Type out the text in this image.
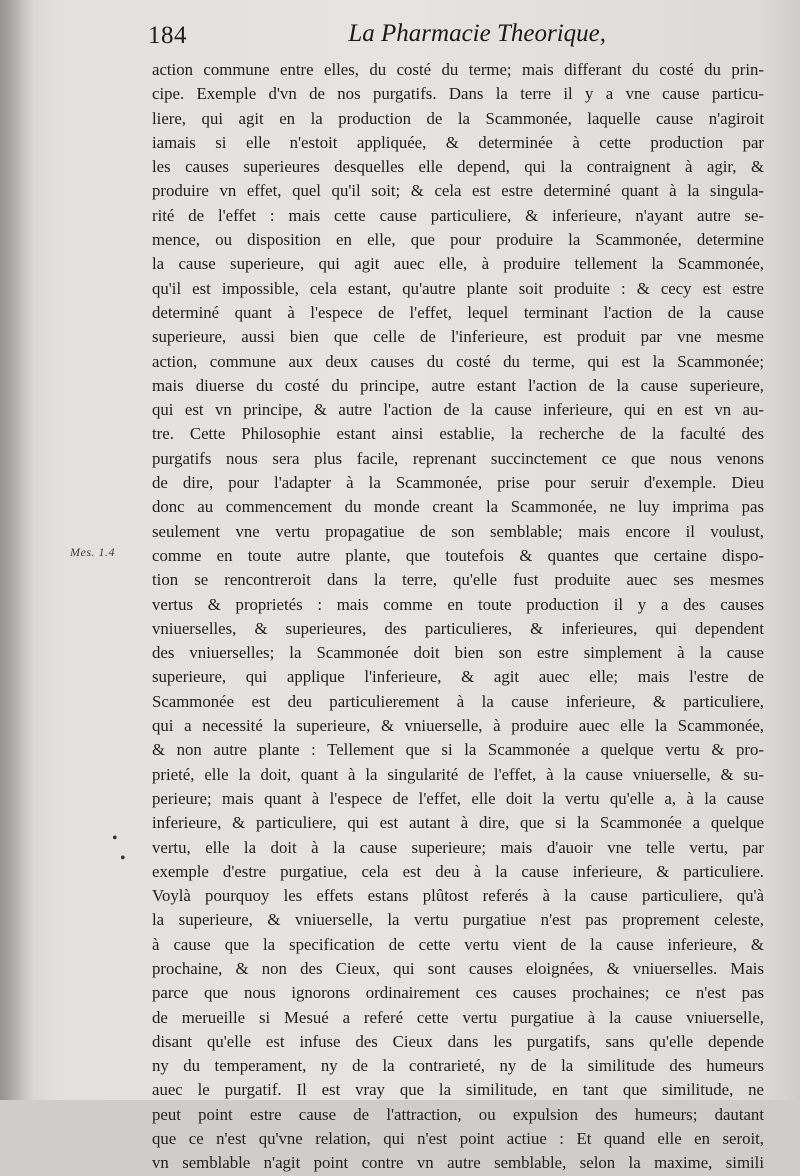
184	La Pharmacie Theorique,
Mes. 1.4
•
•
action commune entre elles, du costé du terme; mais differant du costé du prin-
cipe. Exemple d'vn de nos purgatifs. Dans la terre il y a vne cause particu-
liere, qui agit en la production de la Scammonée, laquelle cause n'agiroit
iamais si elle n'estoit appliquée, & determinée à cette production par
les causes superieures desquelles elle depend, qui la contraignent à agir, &
produire vn effet, quel qu'il soit; & cela est estre determiné quant à la singula-
rité de l'effet : mais cette cause particuliere, & inferieure, n'ayant autre se-
mence, ou disposition en elle, que pour produire la Scammonée, determine
la cause superieure, qui agit auec elle, à produire tellement la Scammonée,
qu'il est impossible, cela estant, qu'autre plante soit produite : & cecy est estre
determiné quant à l'espece de l'effet, lequel terminant l'action de la cause
superieure, aussi bien que celle de l'inferieure, est produit par vne mesme
action, commune aux deux causes du costé du terme, qui est la Scammonée;
mais diuerse du costé du principe, autre estant l'action de la cause superieure,
qui est vn principe, & autre l'action de la cause inferieure, qui en est vn au-
tre. Cette Philosophie estant ainsi establie, la recherche de la faculté des
purgatifs nous sera plus facile, reprenant succinctement ce que nous venons
de dire, pour l'adapter à la Scammonée, prise pour seruir d'exemple. Dieu
donc au commencement du monde creant la Scammonée, ne luy imprima pas
seulement vne vertu propagatiue de son semblable; mais encore il voulust,
comme en toute autre plante, que toutefois & quantes que certaine dispo-
tion se rencontreroit dans la terre, qu'elle fust produite auec ses mesmes
vertus & proprietés : mais comme en toute production il y a des causes
vniuerselles, & superieures, des particulieres, & inferieures, qui dependent
des vniuerselles; la Scammonée doit bien son estre simplement à la cause
superieure, qui applique l'inferieure, & agit auec elle; mais l'estre de
Scammonée est deu particulierement à la cause inferieure, & particuliere,
qui a necessité la superieure, & vniuerselle, à produire auec elle la Scammonée,
& non autre plante : Tellement que si la Scammonée a quelque vertu & pro-
prieté, elle la doit, quant à la singularité de l'effet, à la cause vniuerselle, & su-
perieure; mais quant à l'espece de l'effet, elle doit la vertu qu'elle a, à la cause
inferieure, & particuliere, qui est autant à dire, que si la Scammonée a quelque
vertu, elle la doit à la cause superieure; mais d'auoir vne telle vertu, par
exemple d'estre purgatiue, cela est deu à la cause inferieure, & particuliere.
Voylà pourquoy les effets estans plûtost referés à la cause particuliere, qu'à
la superieure, & vniuerselle, la vertu purgatiue n'est pas proprement celeste,
à cause que la specification de cette vertu vient de la cause inferieure, &
prochaine, & non des Cieux, qui sont causes eloignées, & vniuerselles. Mais
parce que nous ignorons ordinairement ces causes prochaines; ce n'est pas
de merueille si Mesué a referé cette vertu purgatiue à la cause vniuerselle,
disant qu'elle est infuse des Cieux dans les purgatifs, sans qu'elle depende
ny du temperament, ny de la contrarieté, ny de la similitude des humeurs
auec le purgatif. Il est vray que la similitude, en tant que similitude, ne
peut point estre cause de l'attraction, ou expulsion des humeurs; dautant
que ce n'est qu'vne relation, qui n'est point actiue : Et quand elle en seroit,
vn semblable n'agit point contre vn autre semblable, selon la maxime, simili
